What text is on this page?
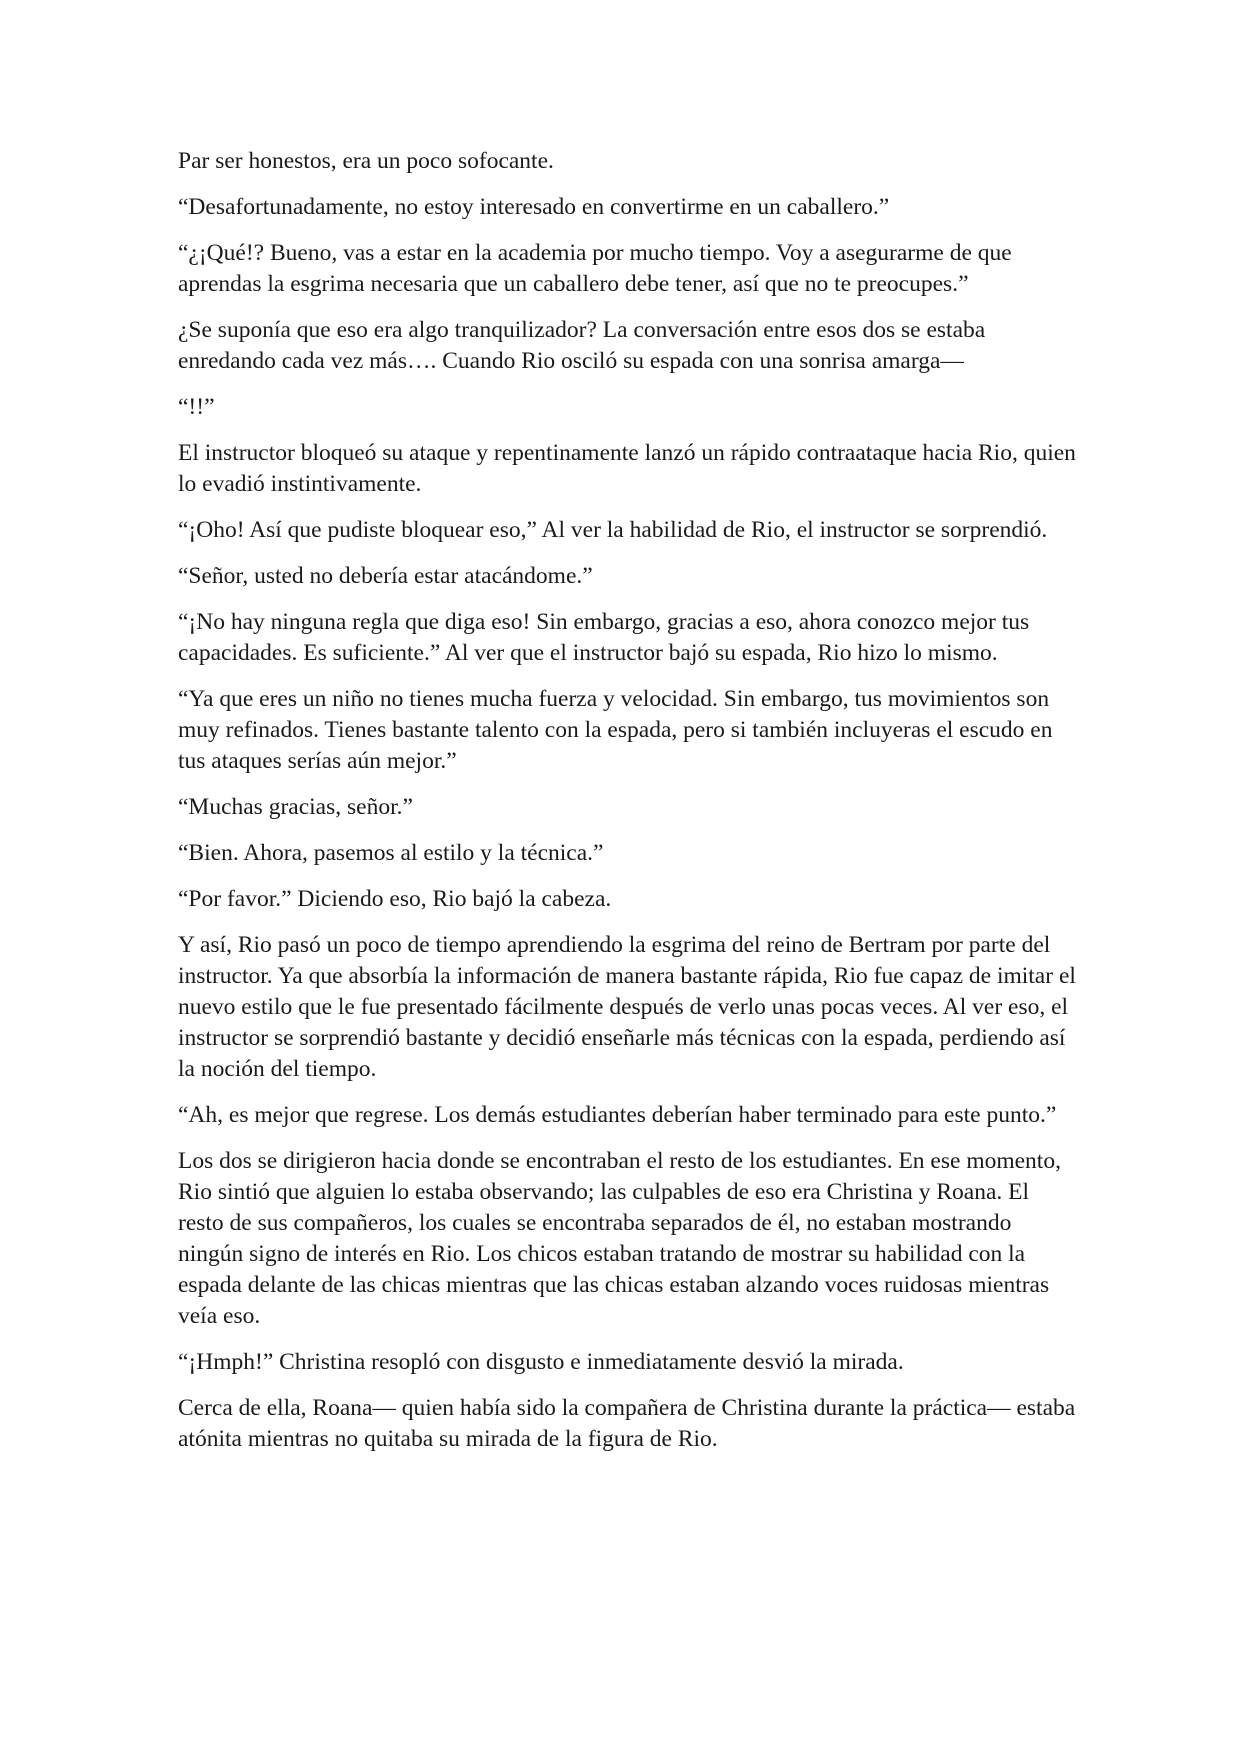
Par ser honestos, era un poco sofocante.

“Desafortunadamente, no estoy interesado en convertirme en un caballero.”

“¿¡Qué!? Bueno, vas a estar en la academia por mucho tiempo. Voy a asegurarme de que aprendas la esgrima necesaria que un caballero debe tener, así que no te preocupes.”

¿Se suponía que eso era algo tranquilizador? La conversación entre esos dos se estaba enredando cada vez más…. Cuando Rio osciló su espada con una sonrisa amarga—

“!!”

El instructor bloqueó su ataque y repentinamente lanzó un rápido contraataque hacia Rio, quien lo evadió instintivamente.

“¡Oho! Así que pudiste bloquear eso,” Al ver la habilidad de Rio, el instructor se sorprendió.

“Señor, usted no debería estar atacándome.”

“¡No hay ninguna regla que diga eso! Sin embargo, gracias a eso, ahora conozco mejor tus capacidades. Es suficiente.” Al ver que el instructor bajó su espada, Rio hizo lo mismo.

“Ya que eres un niño no tienes mucha fuerza y velocidad. Sin embargo, tus movimientos son muy refinados. Tienes bastante talento con la espada, pero si también incluyeras el escudo en tus ataques serías aún mejor.”

“Muchas gracias, señor.”

“Bien. Ahora, pasemos al estilo y la técnica.”

“Por favor.” Diciendo eso, Rio bajó la cabeza.

Y así, Rio pasó un poco de tiempo aprendiendo la esgrima del reino de Bertram por parte del instructor. Ya que absorbía la información de manera bastante rápida, Rio fue capaz de imitar el nuevo estilo que le fue presentado fácilmente después de verlo unas pocas veces. Al ver eso, el instructor se sorprendió bastante y decidió enseñarle más técnicas con la espada, perdiendo así la noción del tiempo.

“Ah, es mejor que regrese. Los demás estudiantes deberían haber terminado para este punto.”

Los dos se dirigieron hacia donde se encontraban el resto de los estudiantes. En ese momento, Rio sintió que alguien lo estaba observando; las culpables de eso era Christina y Roana. El resto de sus compañeros, los cuales se encontraba separados de él, no estaban mostrando ningún signo de interés en Rio. Los chicos estaban tratando de mostrar su habilidad con la espada delante de las chicas mientras que las chicas estaban alzando voces ruidosas mientras veía eso.

“¡Hmph!” Christina resopló con disgusto e inmediatamente desvió la mirada.

Cerca de ella, Roana— quien había sido la compañera de Christina durante la práctica— estaba atónita mientras no quitaba su mirada de la figura de Rio.
